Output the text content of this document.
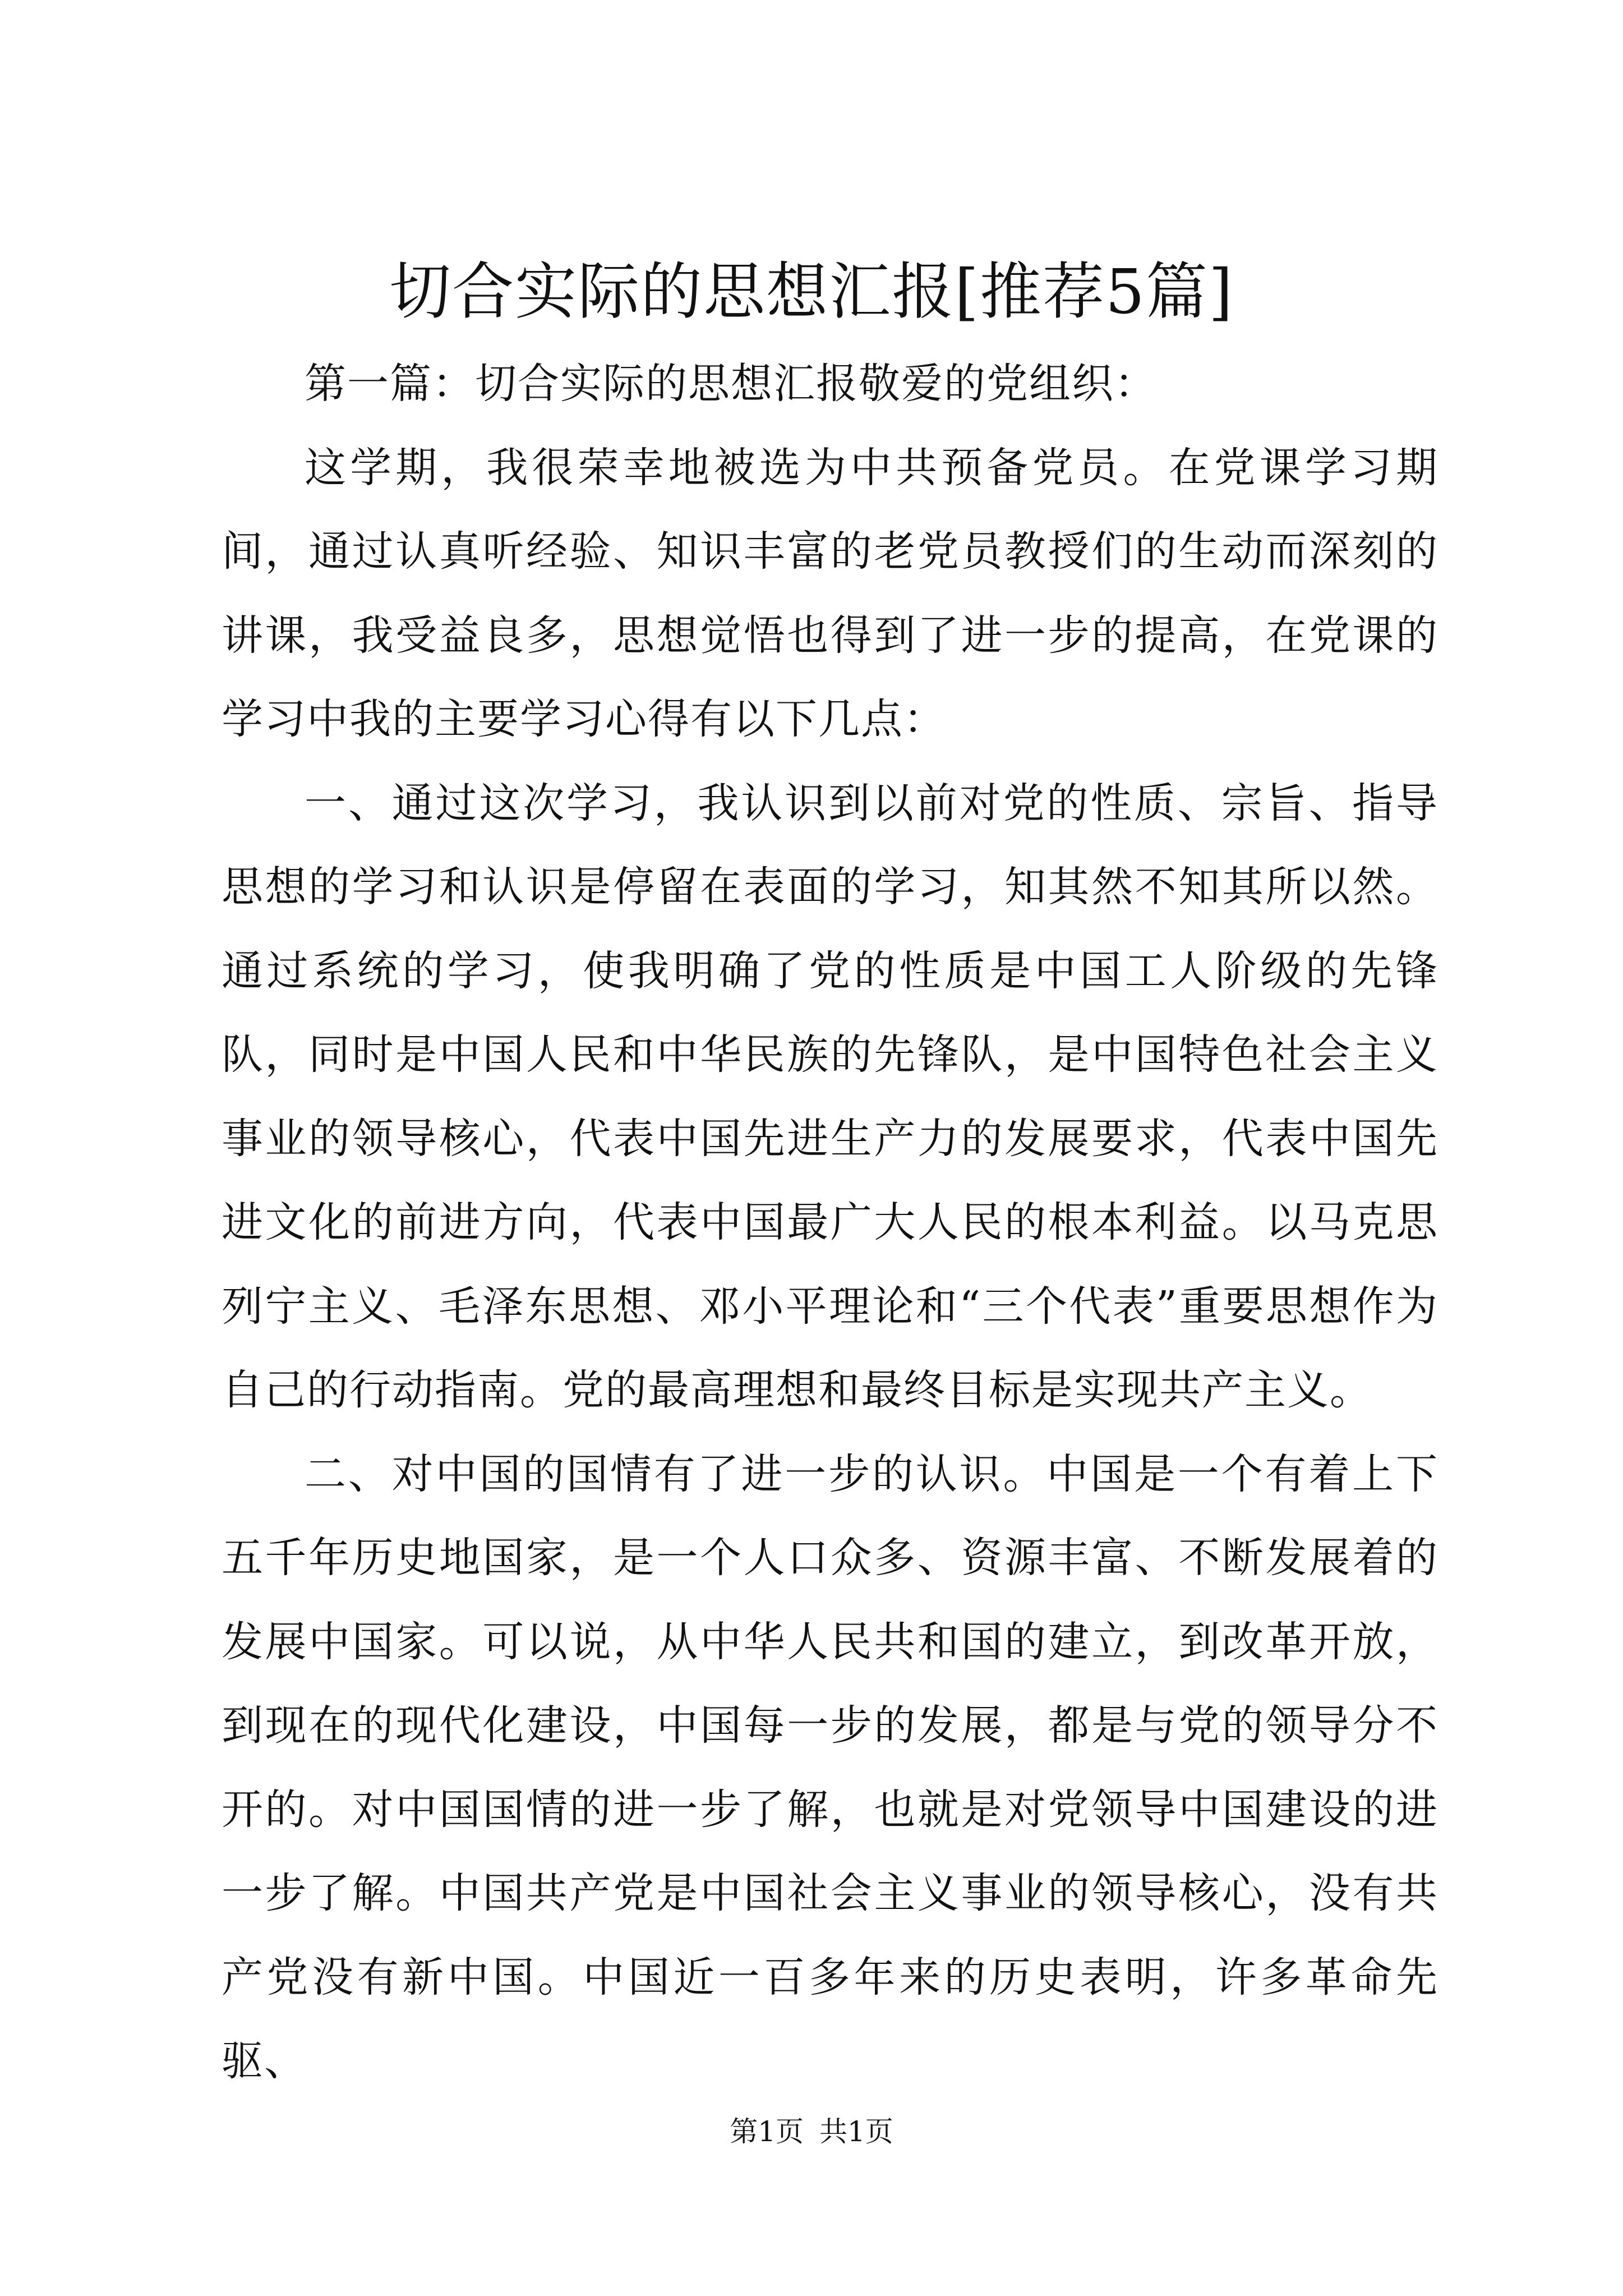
切合实际的思想汇报[推荐5篇]

第一篇：切合实际的思想汇报敬爱的党组织：

这学期，我很荣幸地被选为中共预备党员。在党课学习期间，通过认真听经验、知识丰富的老党员教授们的生动而深刻的讲课，我受益良多，思想觉悟也得到了进一步的提高，在党课的学习中我的主要学习心得有以下几点：

一、通过这次学习，我认识到以前对党的性质、宗旨、指导思想的学习和认识是停留在表面的学习，知其然不知其所以然。通过系统的学习，使我明确了党的性质是中国工人阶级的先锋队，同时是中国人民和中华民族的先锋队，是中国特色社会主义事业的领导核心，代表中国先进生产力的发展要求，代表中国先进文化的前进方向，代表中国最广大人民的根本利益。以马克思列宁主义、毛泽东思想、邓小平理论和“三个代表”重要思想作为自己的行动指南。党的最高理想和最终目标是实现共产主义。

二、对中国的国情有了进一步的认识。中国是一个有着上下五千年历史地国家，是一个人口众多、资源丰富、不断发展着的发展中国家。可以说，从中华人民共和国的建立，到改革开放，到现在的现代化建设，中国每一步的发展，都是与党的领导分不开的。对中国国情的进一步了解，也就是对党领导中国建设的进一步了解。中国共产党是中国社会主义事业的领导核心，没有共产党没有新中国。中国近一百多年来的历史表明，许多革命先驱、

第1页 共1页
